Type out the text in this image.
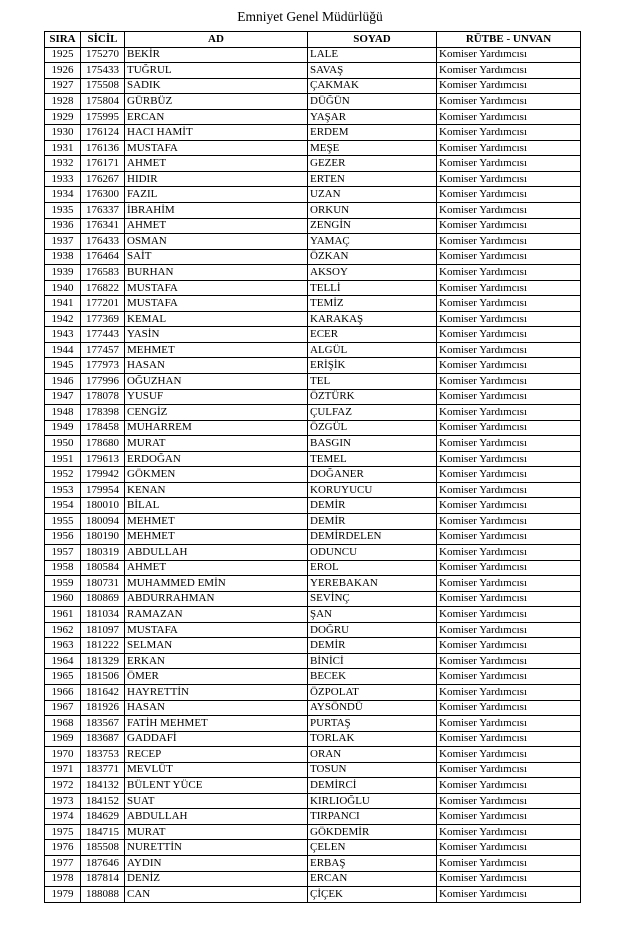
Emniyet Genel Müdürlüğü
SIRA	SİCİL	AD	SOYAD	RÜTBE - UNVAN
1925	175270	BEKİR	LALE	Komiser Yardımcısı
1926	175433	TUĞRUL	SAVAŞ	Komiser Yardımcısı
1927	175508	SADIK	ÇAKMAK	Komiser Yardımcısı
1928	175804	GÜRBÜZ	DÜĞÜN	Komiser Yardımcısı
1929	175995	ERCAN	YAŞAR	Komiser Yardımcısı
1930	176124	HACI HAMİT	ERDEM	Komiser Yardımcısı
1931	176136	MUSTAFA	MEŞE	Komiser Yardımcısı
1932	176171	AHMET	GEZER	Komiser Yardımcısı
1933	176267	HIDIR	ERTEN	Komiser Yardımcısı
1934	176300	FAZIL	UZAN	Komiser Yardımcısı
1935	176337	İBRAHİM	ORKUN	Komiser Yardımcısı
1936	176341	AHMET	ZENGİN	Komiser Yardımcısı
1937	176433	OSMAN	YAMAÇ	Komiser Yardımcısı
1938	176464	SAİT	ÖZKAN	Komiser Yardımcısı
1939	176583	BURHAN	AKSOY	Komiser Yardımcısı
1940	176822	MUSTAFA	TELLİ	Komiser Yardımcısı
1941	177201	MUSTAFA	TEMİZ	Komiser Yardımcısı
1942	177369	KEMAL	KARAKAŞ	Komiser Yardımcısı
1943	177443	YASİN	ECER	Komiser Yardımcısı
1944	177457	MEHMET	ALGÜL	Komiser Yardımcısı
1945	177973	HASAN	ERİŞİK	Komiser Yardımcısı
1946	177996	OĞUZHAN	TEL	Komiser Yardımcısı
1947	178078	YUSUF	ÖZTÜRK	Komiser Yardımcısı
1948	178398	CENGİZ	ÇULFAZ	Komiser Yardımcısı
1949	178458	MUHARREM	ÖZGÜL	Komiser Yardımcısı
1950	178680	MURAT	BASGIN	Komiser Yardımcısı
1951	179613	ERDOĞAN	TEMEL	Komiser Yardımcısı
1952	179942	GÖKMEN	DOĞANER	Komiser Yardımcısı
1953	179954	KENAN	KORUYUCU	Komiser Yardımcısı
1954	180010	BİLAL	DEMİR	Komiser Yardımcısı
1955	180094	MEHMET	DEMİR	Komiser Yardımcısı
1956	180190	MEHMET	DEMİRDELEN	Komiser Yardımcısı
1957	180319	ABDULLAH	ODUNCU	Komiser Yardımcısı
1958	180584	AHMET	EROL	Komiser Yardımcısı
1959	180731	MUHAMMED EMİN	YEREBAKAN	Komiser Yardımcısı
1960	180869	ABDURRAHMAN	SEVİNÇ	Komiser Yardımcısı
1961	181034	RAMAZAN	ŞAN	Komiser Yardımcısı
1962	181097	MUSTAFA	DOĞRU	Komiser Yardımcısı
1963	181222	SELMAN	DEMİR	Komiser Yardımcısı
1964	181329	ERKAN	BİNİCİ	Komiser Yardımcısı
1965	181506	ÖMER	BECEK	Komiser Yardımcısı
1966	181642	HAYRETTİN	ÖZPOLAT	Komiser Yardımcısı
1967	181926	HASAN	AYSÖNDÜ	Komiser Yardımcısı
1968	183567	FATİH MEHMET	PURTAŞ	Komiser Yardımcısı
1969	183687	GADDAFİ	TORLAK	Komiser Yardımcısı
1970	183753	RECEP	ORAN	Komiser Yardımcısı
1971	183771	MEVLÜT	TOSUN	Komiser Yardımcısı
1972	184132	BÜLENT YÜCE	DEMİRCİ	Komiser Yardımcısı
1973	184152	SUAT	KIRLIOĞLU	Komiser Yardımcısı
1974	184629	ABDULLAH	TIRPANCI	Komiser Yardımcısı
1975	184715	MURAT	GÖKDEMİR	Komiser Yardımcısı
1976	185508	NURETTİN	ÇELEN	Komiser Yardımcısı
1977	187646	AYDIN	ERBAŞ	Komiser Yardımcısı
1978	187814	DENİZ	ERCAN	Komiser Yardımcısı
1979	188088	CAN	ÇİÇEK	Komiser Yardımcısı
